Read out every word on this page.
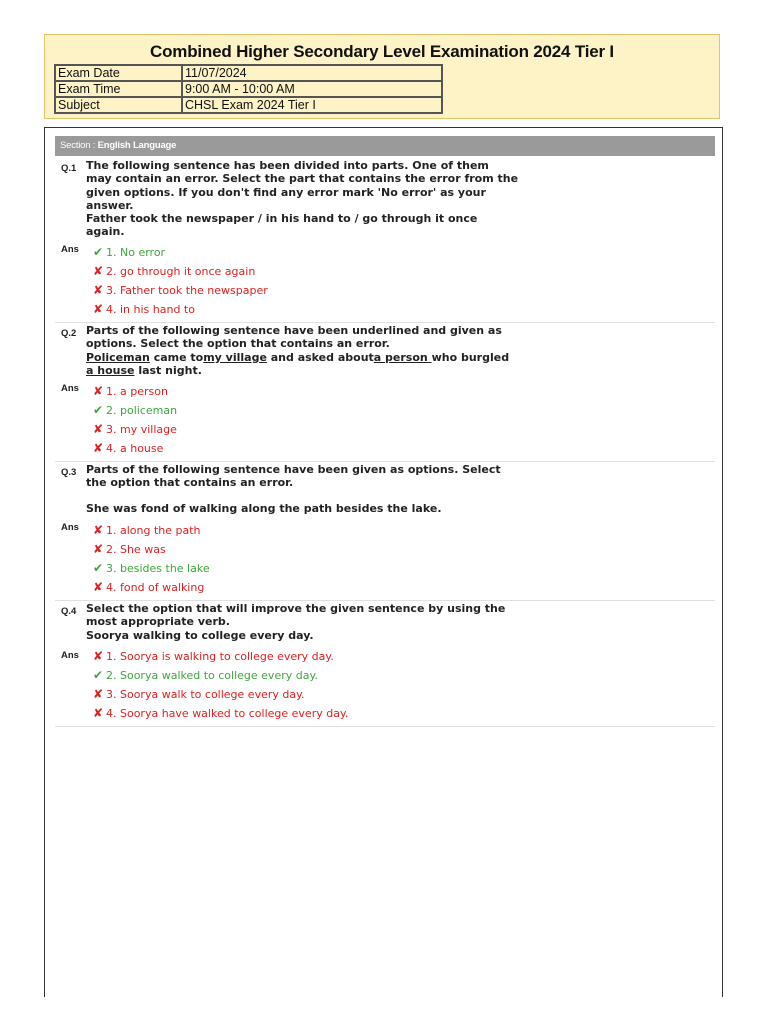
Combined Higher Secondary Level Examination 2024 Tier I
Exam Date	11/07/2024
Exam Time	9:00 AM - 10:00 AM
Subject	CHSL Exam 2024 Tier I
Section : English Language
Q.1 The following sentence has been divided into parts. One of them
may contain an error. Select the part that contains the error from the
given options. If you don't find any error mark 'No error' as your
answer.
Father took the newspaper / in his hand to / go through it once
again.
Ans ✔ 1. No error
✘ 2. go through it once again
✘ 3. Father took the newspaper
✘ 4. in his hand to
Q.2 Parts of the following sentence have been underlined and given as
options. Select the option that contains an error.
Policeman came tomy village and asked abouta person who burgled
a house last night.
Ans ✘ 1. a person
✔ 2. policeman
✘ 3. my village
✘ 4. a house
Q.3 Parts of the following sentence have been given as options. Select
the option that contains an error.
She was fond of walking along the path besides the lake.
Ans ✘ 1. along the path
✘ 2. She was
✔ 3. besides the lake
✘ 4. fond of walking
Q.4 Select the option that will improve the given sentence by using the
most appropriate verb.
Soorya walking to college every day.
Ans ✘ 1. Soorya is walking to college every day.
✔ 2. Soorya walked to college every day.
✘ 3. Soorya walk to college every day.
✘ 4. Soorya have walked to college every day.
